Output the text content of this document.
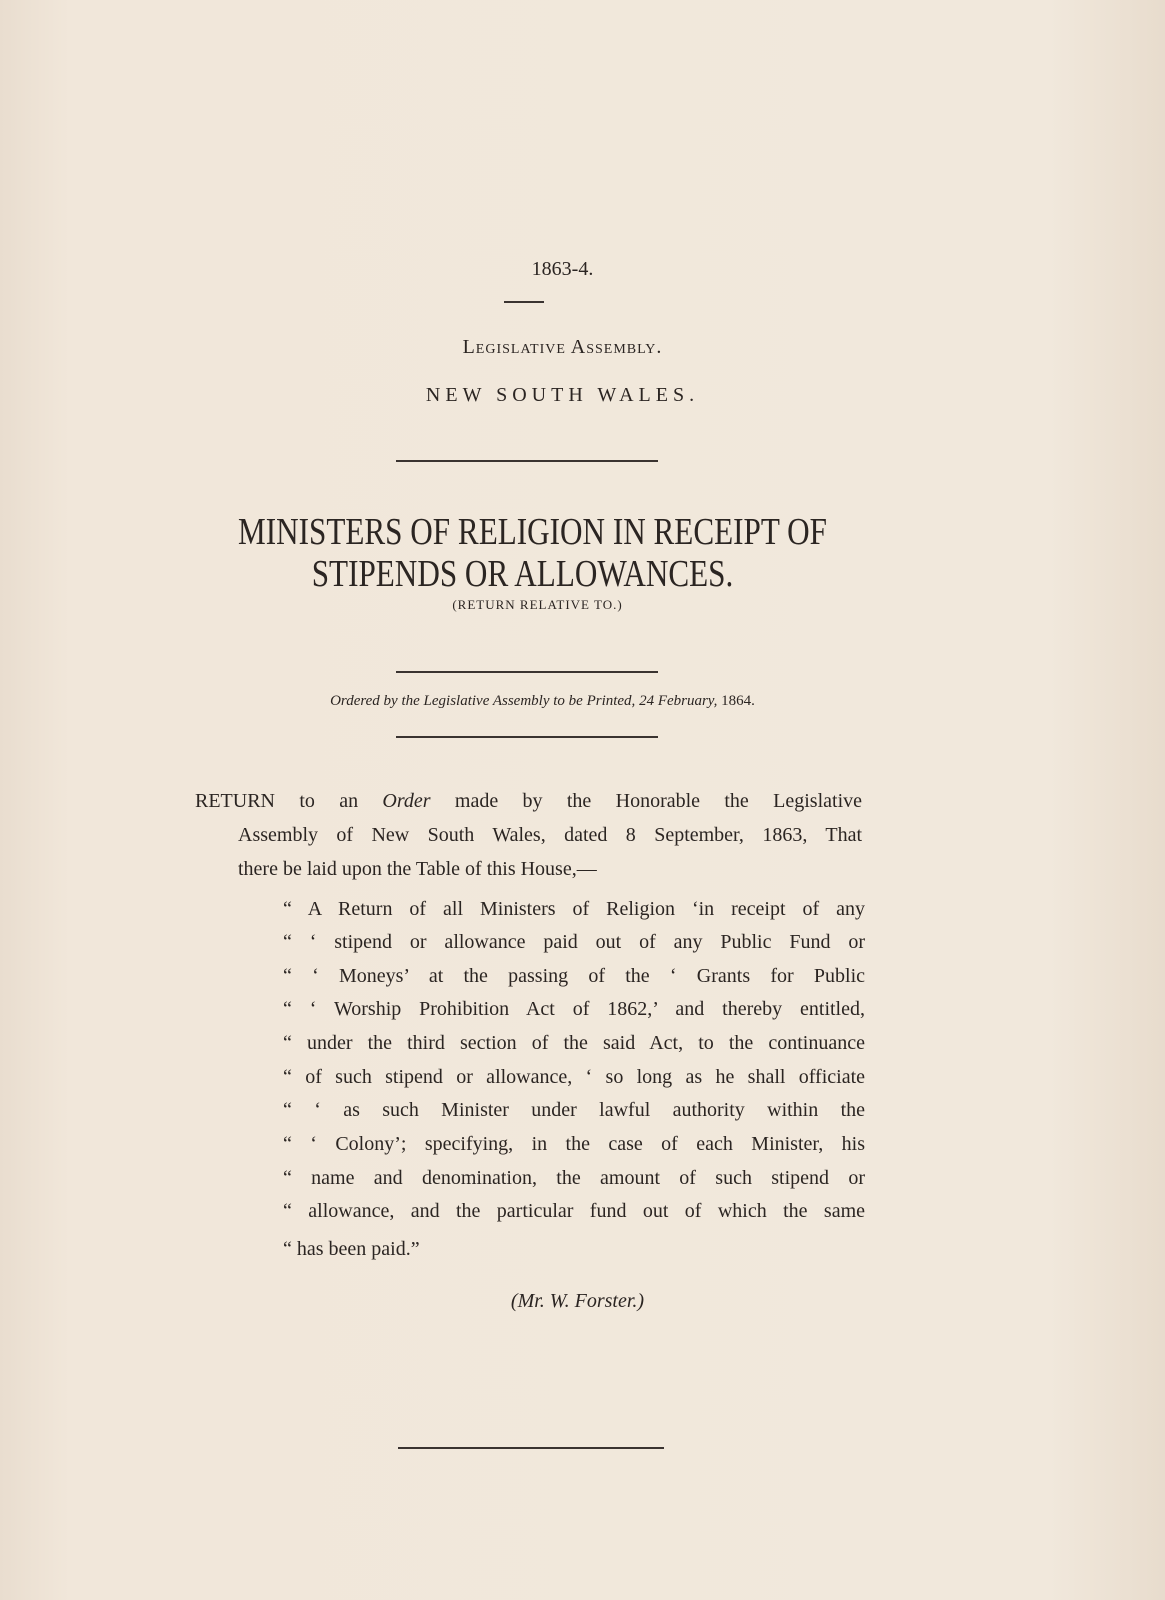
1863-4.
Legislative Assembly.
NEW SOUTH WALES.
MINISTERS OF RELIGION IN RECEIPT OF
STIPENDS OR ALLOWANCES.
(RETURN RELATIVE TO.)
Ordered by the Legislative Assembly to be Printed, 24 February, 1864.
RETURN to an Order made by the Honorable the Legislative
Assembly of New South Wales, dated 8 September, 1863, That
there be laid upon the Table of this House,—
“ A Return of all Ministers of Religion ‘in receipt of any
“ ‘ stipend or allowance paid out of any Public Fund or
“ ‘ Moneys’ at the passing of the ‘ Grants for Public
“ ‘ Worship Prohibition Act of 1862,’ and thereby entitled,
“ under the third section of the said Act, to the continuance
“ of such stipend or allowance, ‘ so long as he shall officiate
“ ‘ as such Minister under lawful authority within the
“ ‘ Colony’; specifying, in the case of each Minister, his
“ name and denomination, the amount of such stipend or
“ allowance, and the particular fund out of which the same
“ has been paid.”
(Mr. W. Forster.)
